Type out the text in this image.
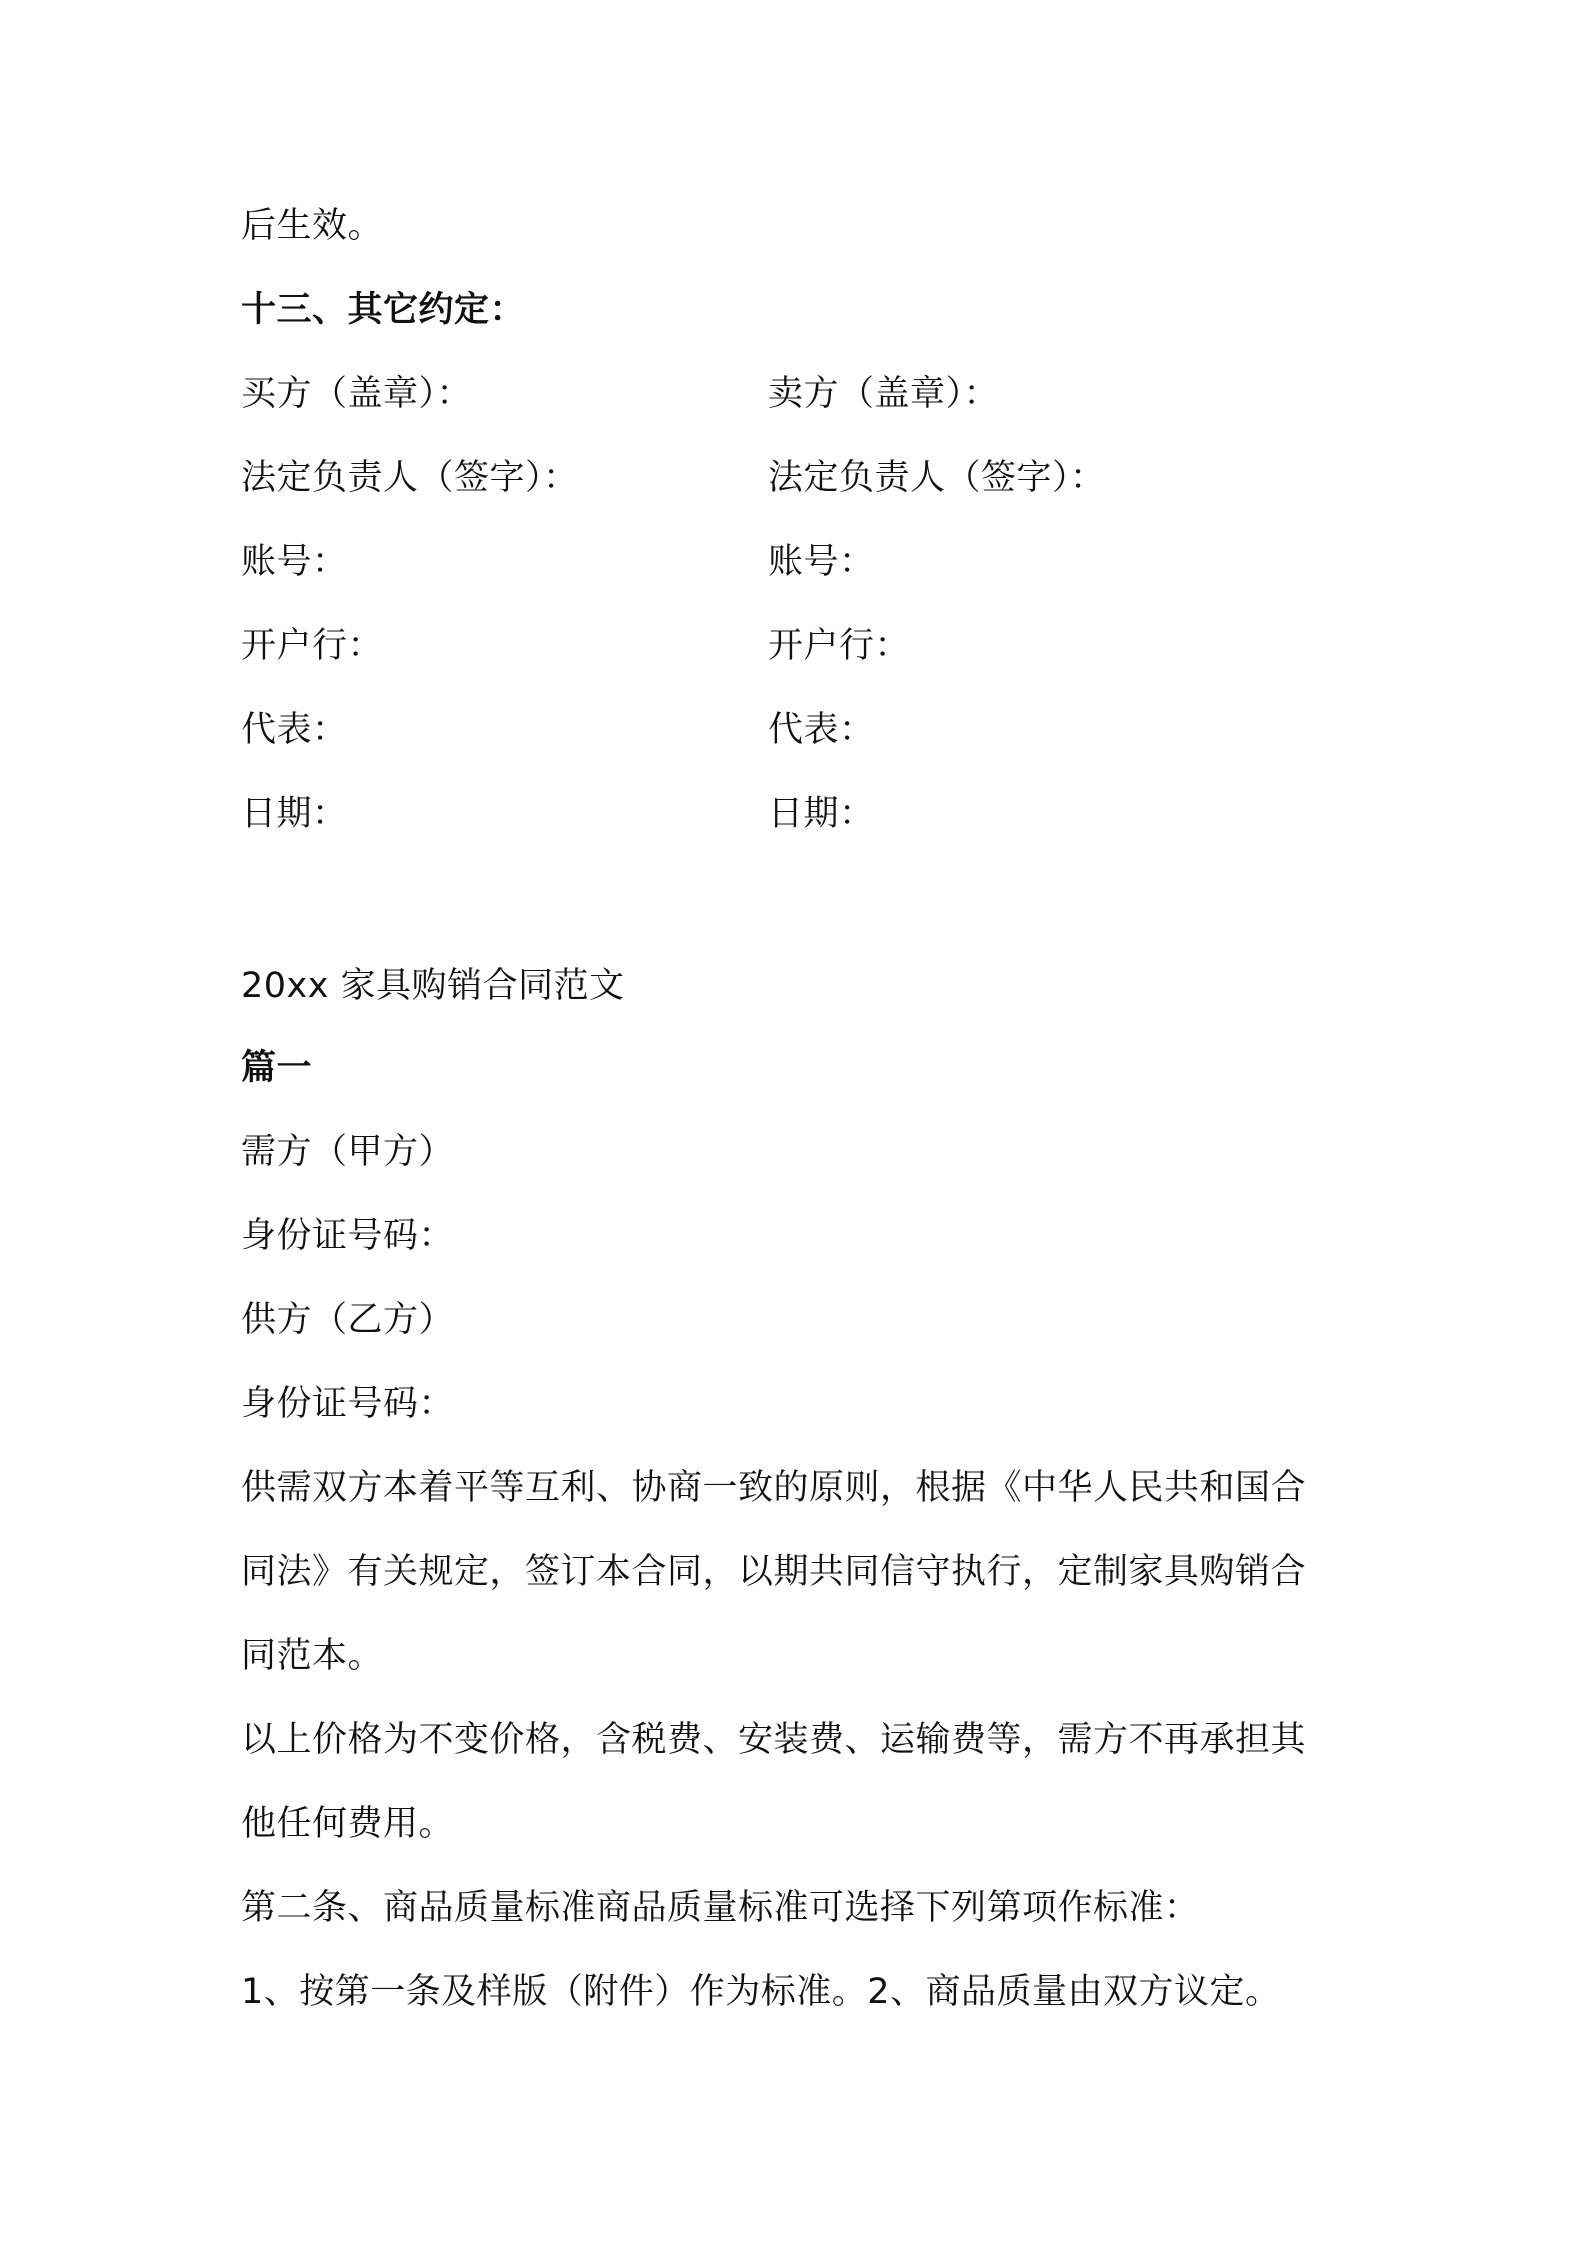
后生效。
十三、其它约定：
买方（盖章）：
法定负责人（签字）：
账号：
开户行：
代表：
日期：
卖方（盖章）：
法定负责人（签字）：
账号：
开户行：
代表：
日期：
20xx 家具购销合同范文
篇一
需方（甲方）
身份证号码：
供方（乙方）
身份证号码：
供需双方本着平等互利、协商一致的原则，根据《中华人民共和国合
同法》有关规定，签订本合同，以期共同信守执行，定制家具购销合
同范本。
以上价格为不变价格，含税费、安装费、运输费等，需方不再承担其
他任何费用。
第二条、商品质量标准商品质量标准可选择下列第项作标准：
1、按第一条及样版（附件）作为标准。2、商品质量由双方议定。
